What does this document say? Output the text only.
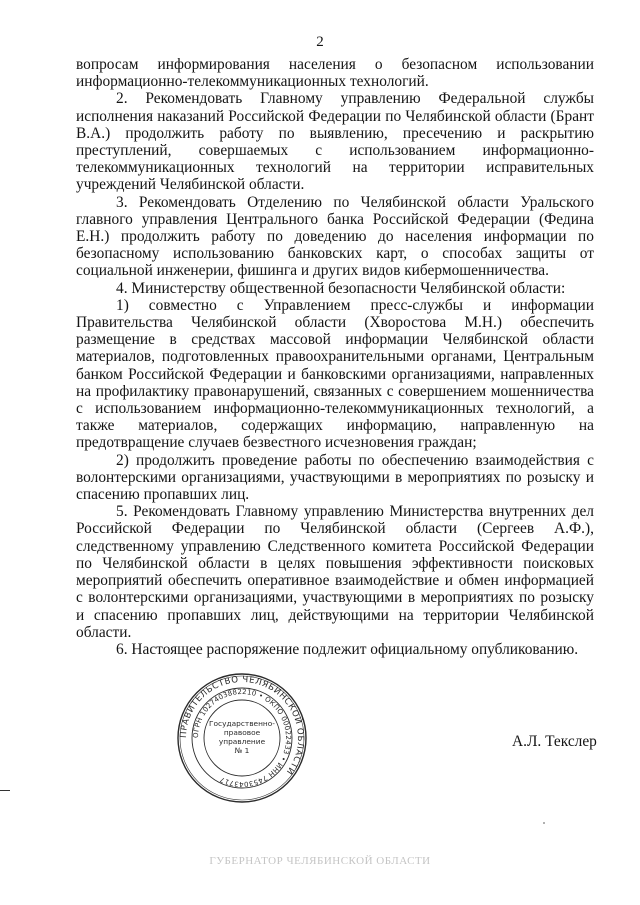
2

вопросам информирования населения о безопасном использовании информационно-телекоммуникационных технологий.

2. Рекомендовать Главному управлению Федеральной службы исполнения наказаний Российской Федерации по Челябинской области (Брант В.А.) продолжить работу по выявлению, пресечению и раскрытию преступлений, совершаемых с использованием информационно-телекоммуникационных технологий на территории исправительных учреждений Челябинской области.

3. Рекомендовать Отделению по Челябинской области Уральского главного управления Центрального банка Российской Федерации (Федина Е.Н.) продолжить работу по доведению до населения информации по безопасному использованию банковских карт, о способах защиты от социальной инженерии, фишинга и других видов кибермошенничества.

4. Министерству общественной безопасности Челябинской области:

1) совместно с Управлением пресс-службы и информации Правительства Челябинской области (Хворостова М.Н.) обеспечить размещение в средствах массовой информации Челябинской области материалов, подготовленных правоохранительными органами, Центральным банком Российской Федерации и банковскими организациями, направленных на профилактику правонарушений, связанных с совершением мошенничества с использованием информационно-телекоммуникационных технологий, а также материалов, содержащих информацию, направленную на предотвращение случаев безвестного исчезновения граждан;

2) продолжить проведение работы по обеспечению взаимодействия с волонтерскими организациями, участвующими в мероприятиях по розыску и спасению пропавших лиц.

5. Рекомендовать Главному управлению Министерства внутренних дел Российской Федерации по Челябинской области (Сергеев А.Ф.), следственному управлению Следственного комитета Российской Федерации по Челябинской области в целях повышения эффективности поисковых мероприятий обеспечить оперативное взаимодействие и обмен информацией с волонтерскими организациями, участвующими в мероприятиях по розыску и спасению пропавших лиц, действующими на территории Челябинской области.

6. Настоящее распоряжение подлежит официальному опубликованию.

ПРАВИТЕЛЬСТВО ЧЕЛЯБИНСКОЙ ОБЛАСТИ
ОГРН 1027403882210 • ОКПО 00022433 • ИНН 7453043717
Государственно-
правовое
управление
№ 1
А.Л. Текслер
ГУБЕРНАТОР ЧЕЛЯБИНСКОЙ ОБЛАСТИ
